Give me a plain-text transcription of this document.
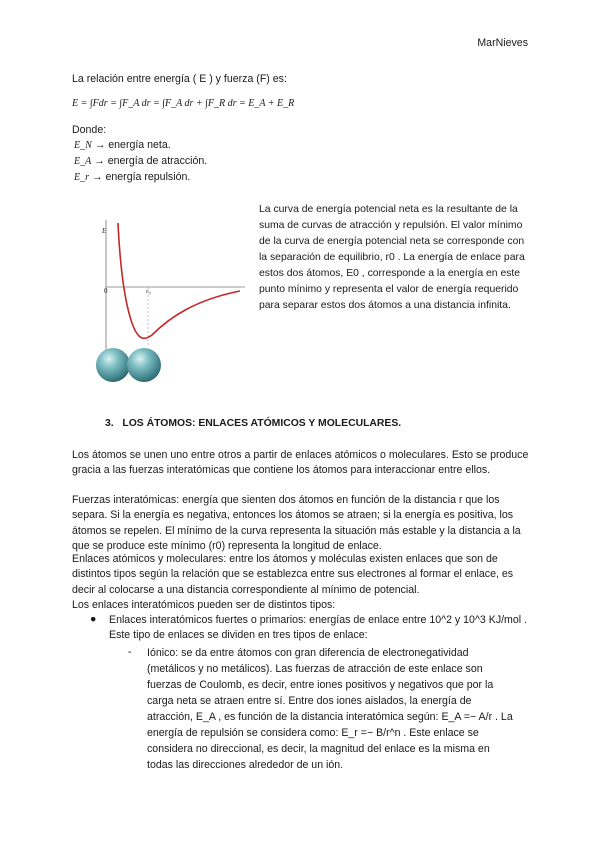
MarNieves
La relación entre energía ( E ) y fuerza (F) es:
E = ∫Fdr = ∫F_A dr = ∫F_A dr + ∫F_R dr = E_A + E_R
Donde:
E_N → energía neta.
E_A → energía de atracción.
E_r → energía repulsión.
E
0	r₀
La curva de energía potencial neta es la resultante de la suma de curvas de atracción y repulsión. El valor mínimo de la curva de energía potencial neta se corresponde con la separación de equilibrio, r0 . La energía de enlace para estos dos átomos, E0 , corresponde a la energía en este punto mínimo y representa el valor de energía requerido para separar estos dos átomos a una distancia infinita.
3. LOS ÁTOMOS: ENLACES ATÓMICOS Y MOLECULARES.
Los átomos se unen uno entre otros a partir de enlaces atómicos o moleculares. Esto se produce gracia a las fuerzas interatómicas que contiene los átomos para interaccionar entre ellos.
Fuerzas interatómicas: energía que sienten dos átomos en función de la distancia r que los separa. Si la energía es negativa, entonces los átomos se atraen; si la energía es positiva, los átomos se repelen. El mínimo de la curva representa la situación más estable y la distancia a la que se produce este mínimo (r0) representa la longitud de enlace.
Enlaces atómicos y moleculares: entre los átomos y moléculas existen enlaces que son de distintos tipos según la relación que se establezca entre sus electrones al formar el enlace, es decir al colocarse a una distancia correspondiente al mínimo de potencial.
Los enlaces interatómicos pueden ser de distintos tipos:
● Enlaces interatómicos fuertes o primarios: energías de enlace entre 10^2 y 10^3 KJ/mol . Este tipo de enlaces se dividen en tres tipos de enlace:
- Iónico: se da entre átomos con gran diferencia de electronegatividad (metálicos y no metálicos). Las fuerzas de atracción de este enlace son fuerzas de Coulomb, es decir, entre iones positivos y negativos que por la carga neta se atraen entre sí. Entre dos iones aislados, la energía de atracción, E_A , es función de la distancia interatómica según: E_A =− A/r . La energía de repulsión se considera como: E_r =− B/r^n . Este enlace se considera no direccional, es decir, la magnitud del enlace es la misma en todas las direcciones alrededor de un ión.
